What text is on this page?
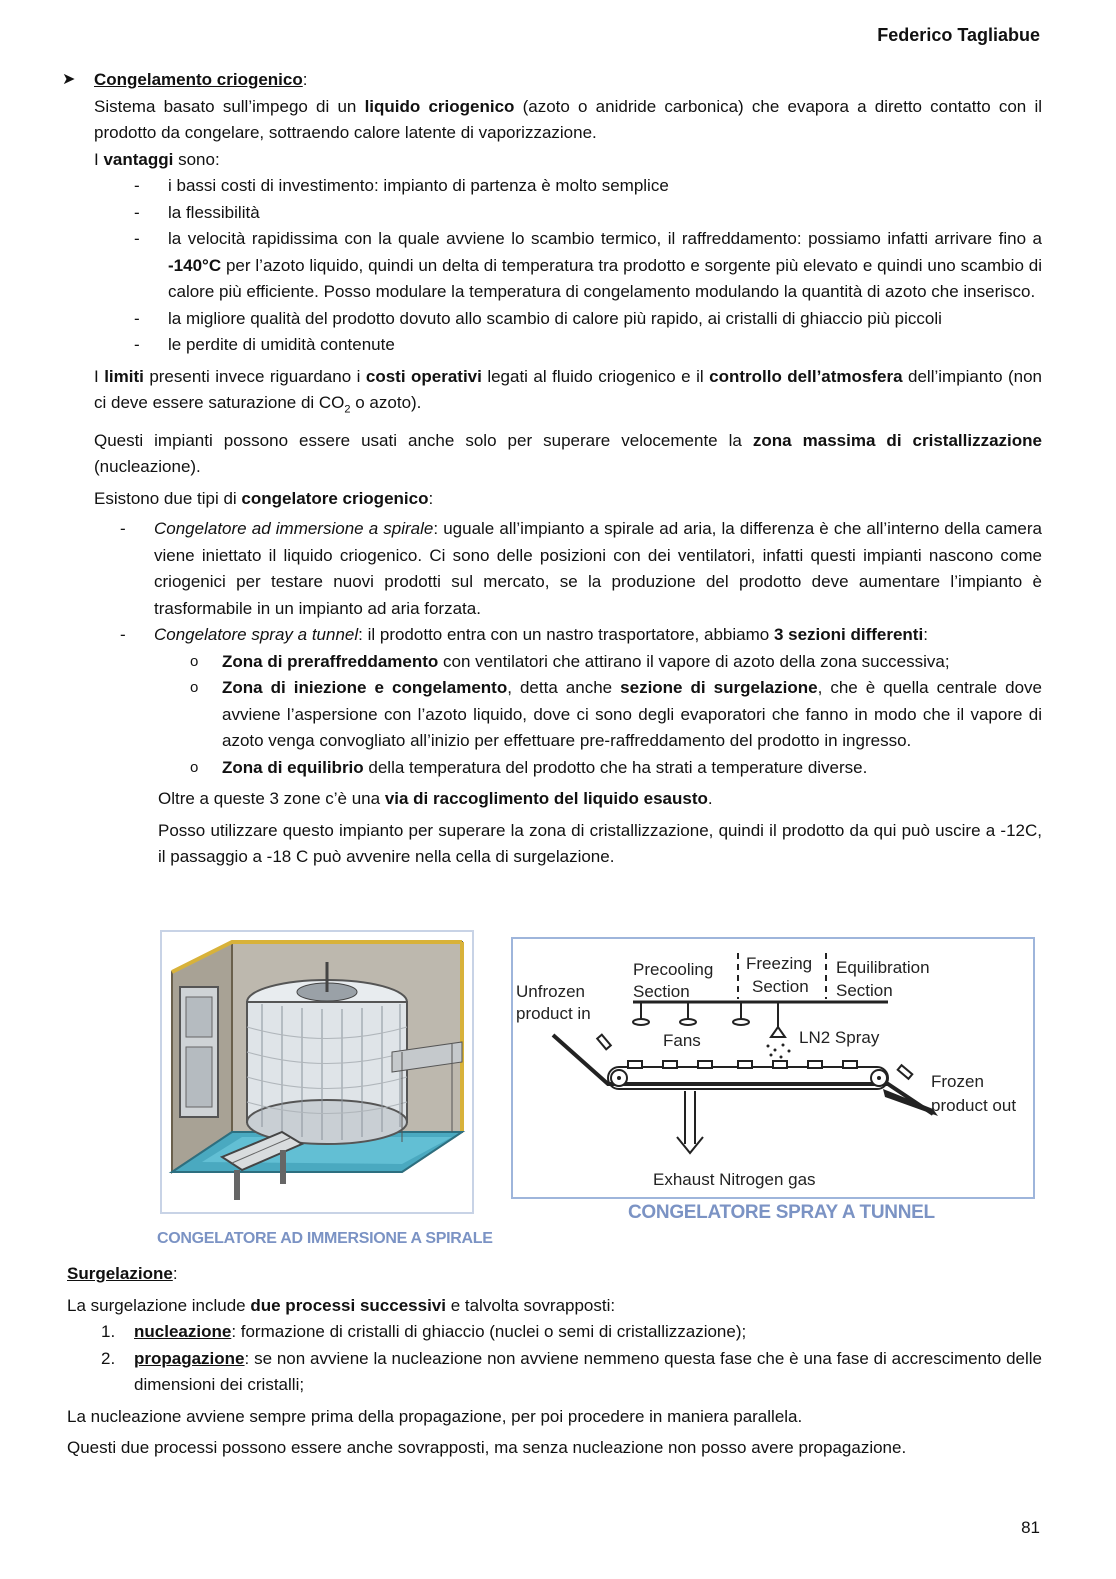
Federico Tagliabue
➤ Congelamento criogenico:

Sistema basato sull’impego di un liquido criogenico (azoto o anidride carbonica) che evapora a diretto contatto con il prodotto da congelare, sottraendo calore latente di vaporizzazione.

I vantaggi sono:

- i bassi costi di investimento: impianto di partenza è molto semplice
- la flessibilità
- la velocità rapidissima con la quale avviene lo scambio termico, il raffreddamento: possiamo infatti arrivare fino a -140°C per l’azoto liquido, quindi un delta di temperatura tra prodotto e sorgente più elevato e quindi uno scambio di calore più efficiente. Posso modulare la temperatura di congelamento modulando la quantità di azoto che inserisco.
- la migliore qualità del prodotto dovuto allo scambio di calore più rapido, ai cristalli di ghiaccio più piccoli
- le perdite di umidità contenute

I limiti presenti invece riguardano i costi operativi legati al fluido criogenico e il controllo dell’atmosfera dell’impianto (non ci deve essere saturazione di $CO_2$ o azoto).

Questi impianti possono essere usati anche solo per superare velocemente la zona massima di cristallizzazione (nucleazione).

Esistono due tipi di congelatore criogenico:

- Congelatore ad immersione a spirale: uguale all’impianto a spirale ad aria, la differenza è che all’interno della camera viene iniettato il liquido criogenico. Ci sono delle posizioni con dei ventilatori, infatti questi impianti nascono come criogenici per testare nuovi prodotti sul mercato, se la produzione del prodotto deve aumentare l’impianto è trasformabile in un impianto ad aria forzata.
- Congelatore spray a tunnel: il prodotto entra con un nastro trasportatore, abbiamo 3 sezioni differenti:
o Zona di preraffreddamento con ventilatori che attirano il vapore di azoto della zona successiva;
o Zona di iniezione e congelamento, detta anche sezione di surgelazione, che è quella centrale dove avviene l’aspersione con l’azoto liquido, dove ci sono degli evaporatori che fanno in modo che il vapore di azoto venga convogliato all’inizio per effettuare pre-raffreddamento del prodotto in ingresso.
o Zona di equilibrio della temperatura del prodotto che ha strati a temperature diverse.

Oltre a queste 3 zone c’è una via di raccoglimento del liquido esausto.

Posso utilizzare questo impianto per superare la zona di cristallizzazione, quindi il prodotto da qui può uscire a -12C, il passaggio a -18 C può avvenire nella cella di surgelazione.

CONGELATORE AD IMMERSIONE A SPIRALE
Precooling
Section
Freezing
Section
Equilibration
Section
Unfrozen
product in
Fans	LN2 Spray
Frozen
product out
Exhaust Nitrogen gas
CONGELATORE SPRAY A TUNNEL

Surgelazione:

La surgelazione include due processi successivi e talvolta sovrapposti:

1. nucleazione: formazione di cristalli di ghiaccio (nuclei o semi di cristallizzazione);
2. propagazione: se non avviene la nucleazione non avviene nemmeno questa fase che è una fase di accrescimento delle dimensioni dei cristalli;

La nucleazione avviene sempre prima della propagazione, per poi procedere in maniera parallela.

Questi due processi possono essere anche sovrapposti, ma senza nucleazione non posso avere propagazione.

81
